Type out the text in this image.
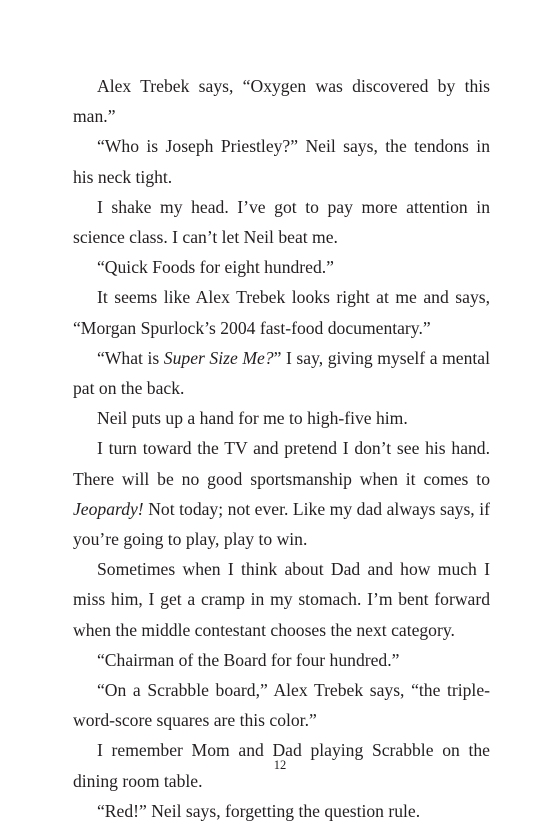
Alex Trebek says, “Oxygen was discovered by this man.”

“Who is Joseph Priestley?” Neil says, the tendons in his neck tight.

I shake my head. I’ve got to pay more attention in science class. I can’t let Neil beat me.

“Quick Foods for eight hundred.”

It seems like Alex Trebek looks right at me and says, “Morgan Spurlock’s 2004 fast-food documentary.”

“What is Super Size Me?” I say, giving myself a mental pat on the back.

Neil puts up a hand for me to high-five him.

I turn toward the TV and pretend I don’t see his hand. There will be no good sportsmanship when it comes to Jeopardy! Not today; not ever. Like my dad always says, if you’re going to play, play to win.

Sometimes when I think about Dad and how much I miss him, I get a cramp in my stomach. I’m bent forward when the middle contestant chooses the next category.

“Chairman of the Board for four hundred.”

“On a Scrabble board,” Alex Trebek says, “the triple-word-score squares are this color.”

I remember Mom and Dad playing Scrabble on the dining room table.

“Red!” Neil says, forgetting the question rule.

12
